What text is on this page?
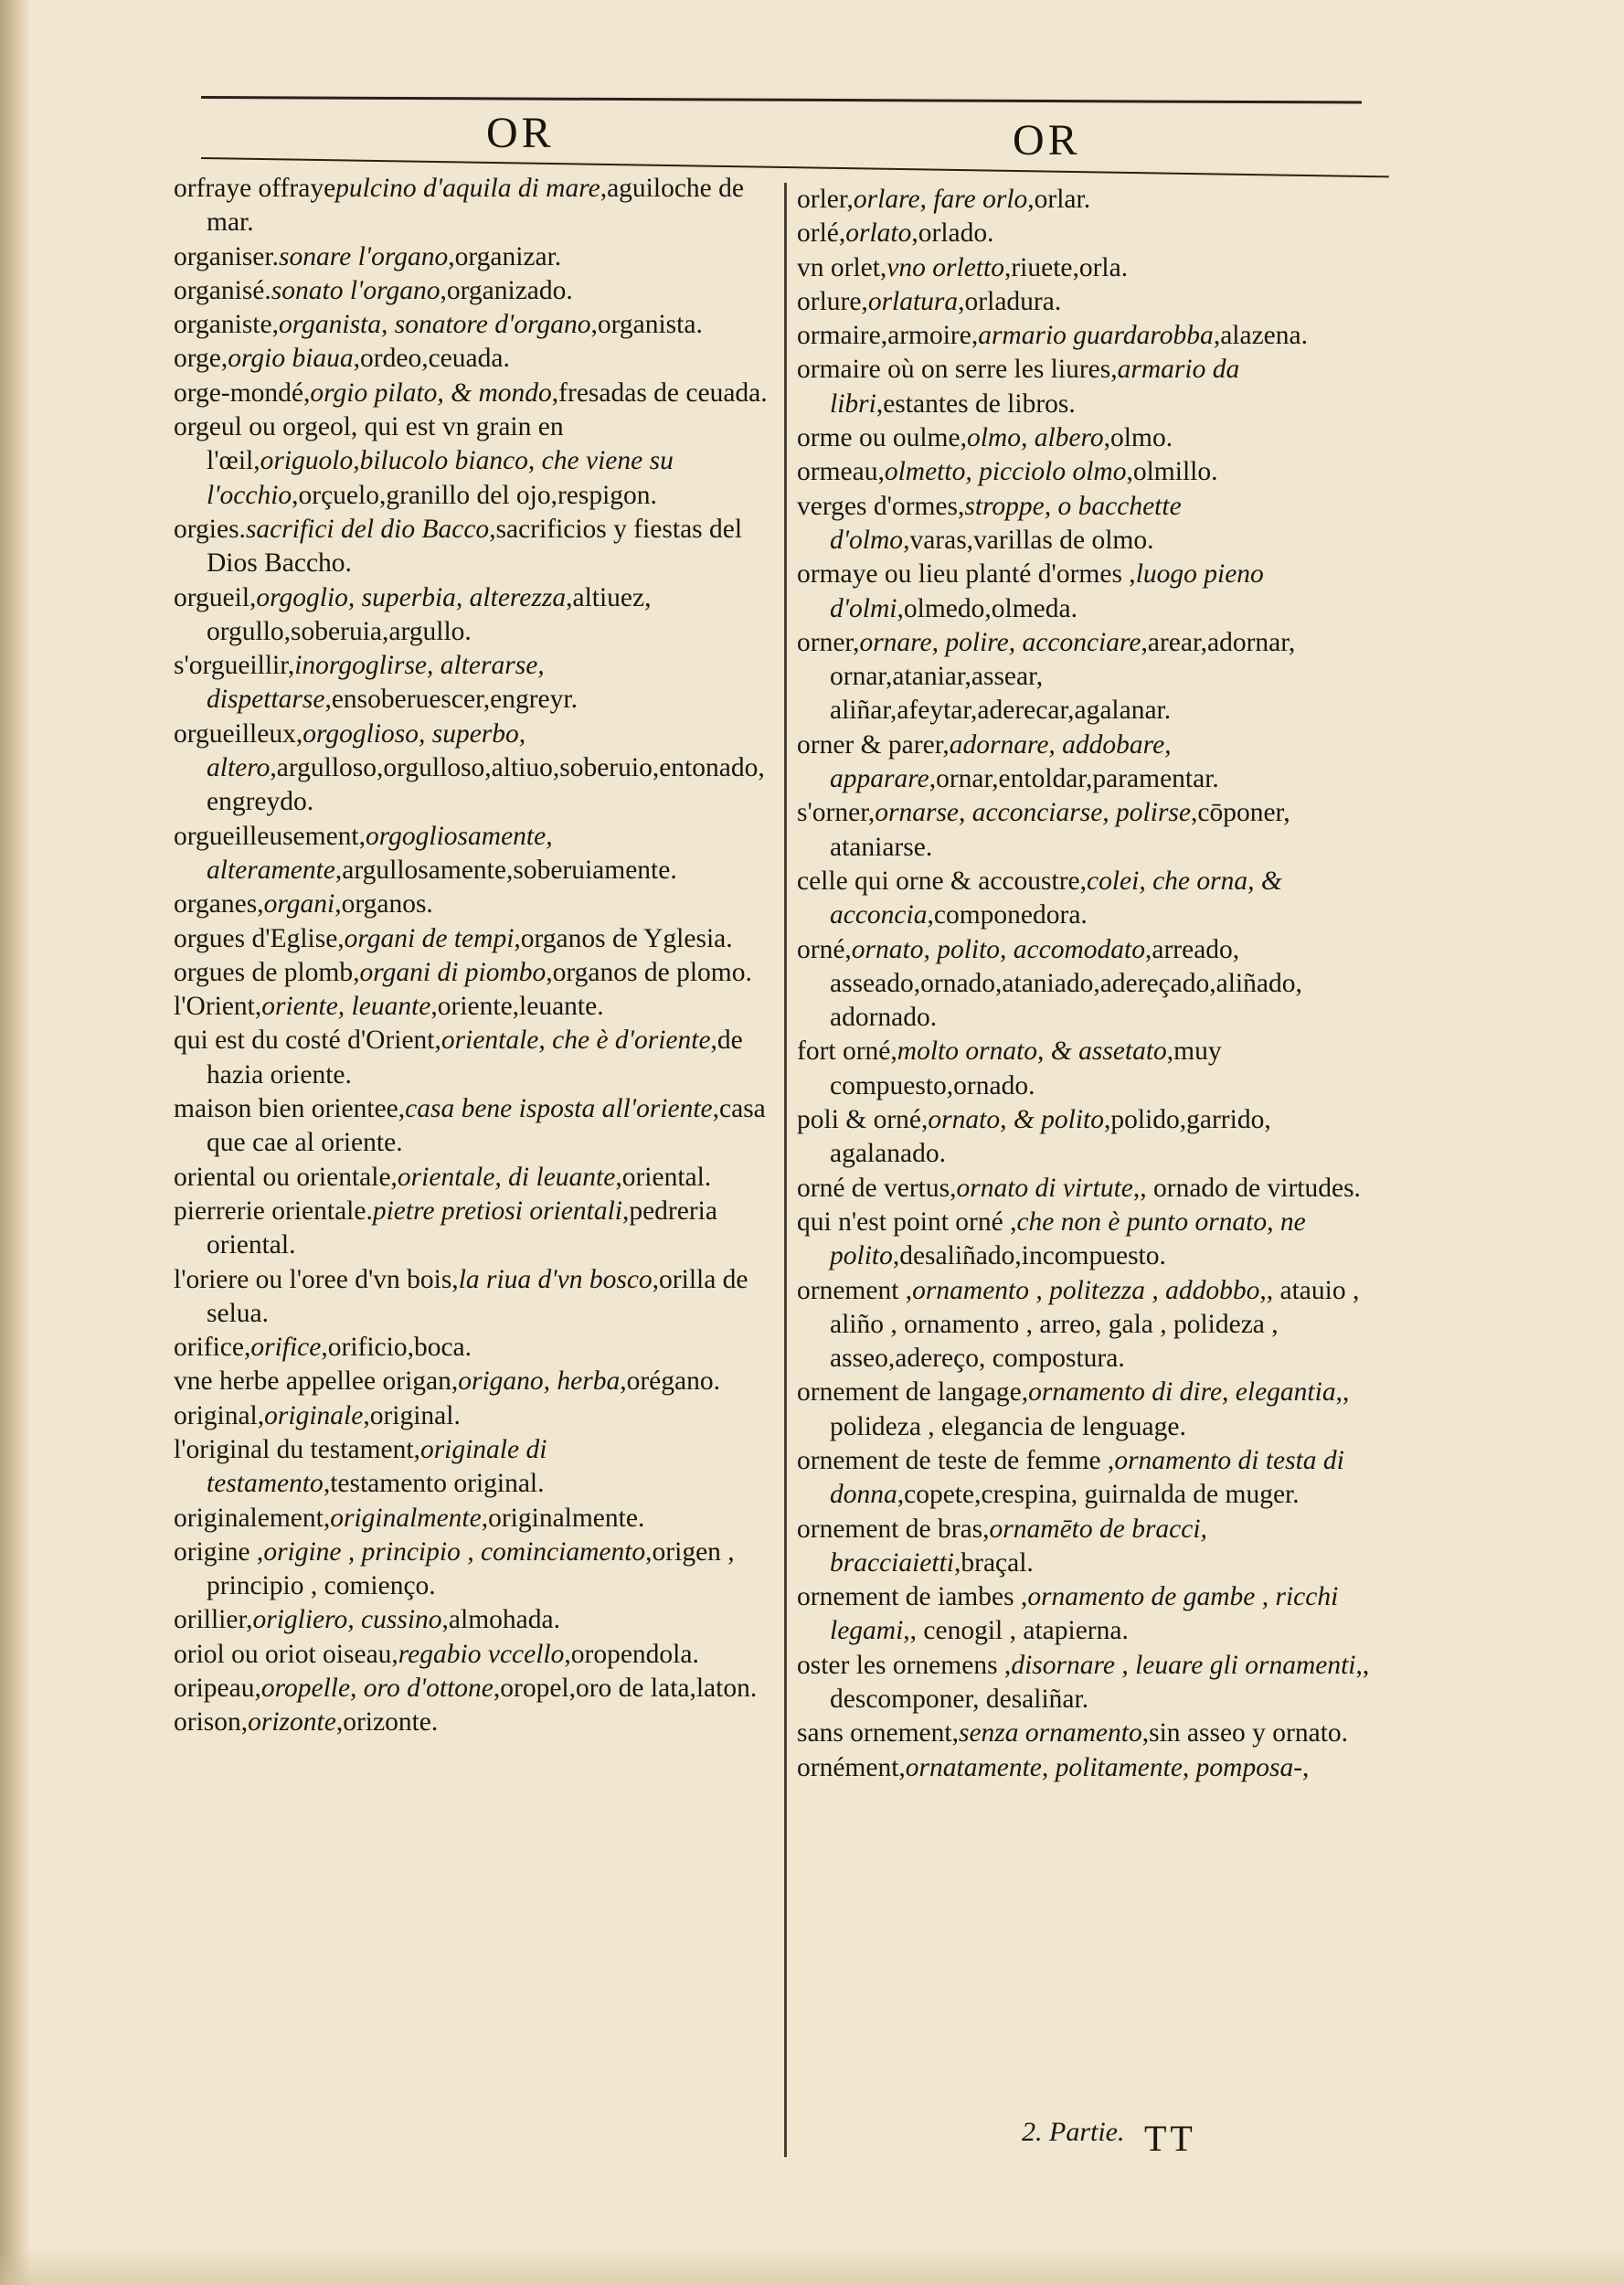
OR	OR

orfraye offrayepulcino d'aquila di mare,aguiloche de mar.

organiser.sonare l'organo,organizar.

organisé.sonato l'organo,organizado.

organiste,organista, sonatore d'organo,organista.

orge,orgio biaua,ordeo,ceuada.

orge-mondé,orgio pilato, & mondo,fresadas de ceuada.

orgeul ou orgeol, qui est vn grain en l'œil,origuolo,bilucolo bianco, che viene su l'occhio,orçuelo,granillo del ojo,respigon.

orgies.sacrifici del dio Bacco,sacrificios y fiestas del Dios Baccho.

orgueil,orgoglio, superbia, alterezza,altiuez, orgullo,soberuia,argullo.

s'orgueillir,inorgoglirse, alterarse, dispettarse,ensoberuescer,engreyr.

orgueilleux,orgoglioso, superbo, altero,argulloso,orgulloso,altiuo,soberuio,entonado, engreydo.

orgueilleusement,orgogliosamente, alteramente,argullosamente,soberuiamente.

organes,organi,organos.

orgues d'Eglise,organi de tempi,organos de Yglesia.

orgues de plomb,organi di piombo,organos de plomo.

l'Orient,oriente, leuante,oriente,leuante.

qui est du costé d'Orient,orientale, che è d'oriente,de hazia oriente.

maison bien orientee,casa bene isposta all'oriente,casa que cae al oriente.

oriental ou orientale,orientale, di leuante,oriental.

pierrerie orientale.pietre pretiosi orientali,pedreria oriental.

l'oriere ou l'oree d'vn bois,la riua d'vn bosco,orilla de selua.

orifice,orifice,orificio,boca.

vne herbe appellee origan,origano, herba,orégano.

original,originale,original.

l'original du testament,originale di testamento,testamento original.

originalement,originalmente,originalmente.

origine ,origine , principio , cominciamento,origen , principio , comienço.

orillier,origliero, cussino,almohada.

oriol ou oriot oiseau,regabio vccello,oropendola.

oripeau,oropelle, oro d'ottone,oropel,oro de lata,laton.

orison,orizonte,orizonte.

orler,orlare, fare orlo,orlar.

orlé,orlato,orlado.

vn orlet,vno orletto,riuete,orla.

orlure,orlatura,orladura.

ormaire,armoire,armario guardarobba,alazena.

ormaire où on serre les liures,armario da libri,estantes de libros.

orme ou oulme,olmo, albero,olmo.

ormeau,olmetto, picciolo olmo,olmillo.

verges d'ormes,stroppe, o bacchette d'olmo,varas,varillas de olmo.

ormaye ou lieu planté d'ormes ,luogo pieno d'olmi,olmedo,olmeda.

orner,ornare, polire, acconciare,arear,adornar, ornar,ataniar,assear, aliñar,afeytar,aderecar,agalanar.

orner & parer,adornare, addobare, apparare,ornar,entoldar,paramentar.

s'orner,ornarse, acconciarse, polirse,cōponer, ataniarse.

celle qui orne & accoustre,colei, che orna, & acconcia,componedora.

orné,ornato, polito, accomodato,arreado, asseado,ornado,ataniado,adereçado,aliñado, adornado.

fort orné,molto ornato, & assetato,muy compuesto,ornado.

poli & orné,ornato, & polito,polido,garrido, agalanado.

orné de vertus,ornato di virtute,, ornado de virtudes.

qui n'est point orné ,che non è punto ornato, ne polito,desaliñado,incompuesto.

ornement ,ornamento , politezza , addobbo,, atauio , aliño , ornamento , arreo, gala , polideza , asseo,adereço, compostura.

ornement de langage,ornamento di dire, elegantia,, polideza , elegancia de lenguage.

ornement de teste de femme ,ornamento di testa di donna,copete,crespina, guirnalda de muger.

ornement de bras,ornamēto de bracci, bracciaietti,braçal.

ornement de iambes ,ornamento de gambe , ricchi legami,, cenogil , atapierna.

oster les ornemens ,disornare , leuare gli ornamenti,, descomponer, desaliñar.

sans ornement,senza ornamento,sin asseo y ornato.

ornément,ornatamente, politamente, pomposa-,

2. Partie. TT
